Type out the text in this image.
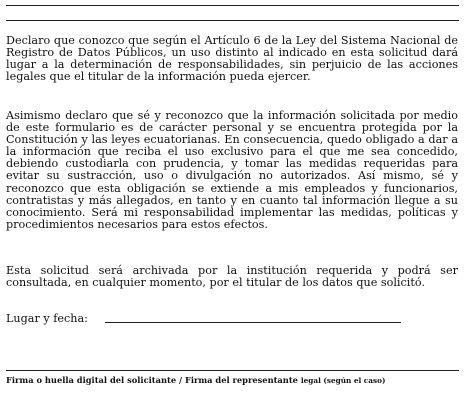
Declaro que conozco que según el Artículo 6 de la Ley del Sistema Nacional de Registro de Datos Públicos, un uso distinto al indicado en esta solicitud dará lugar a la determinación de responsabilidades, sin perjuicio de las acciones legales que el titular de la información pueda ejercer.

Asimismo declaro que sé y reconozco que la información solicitada por medio de este formulario es de carácter personal y se encuentra protegida por la Constitución y las leyes ecuatorianas. En consecuencia, quedo obligado a dar a la información que reciba el uso exclusivo para el que me sea concedido, debiendo custodiarla con prudencia, y tomar las medidas requeridas para evitar su sustracción, uso o divulgación no autorizados. Así mismo, sé y reconozco que esta obligación se extiende a mis empleados y funcionarios, contratistas y más allegados, en tanto y en cuanto tal información llegue a su conocimiento. Será mi responsabilidad implementar las medidas, políticas y procedimientos necesarios para estos efectos.

Esta solicitud será archivada por la institución requerida y podrá ser consultada, en cualquier momento, por el titular de los datos que solicitó.

Lugar y fecha:
Firma o huella digital del solicitante / Firma del representante legal (según el caso)
